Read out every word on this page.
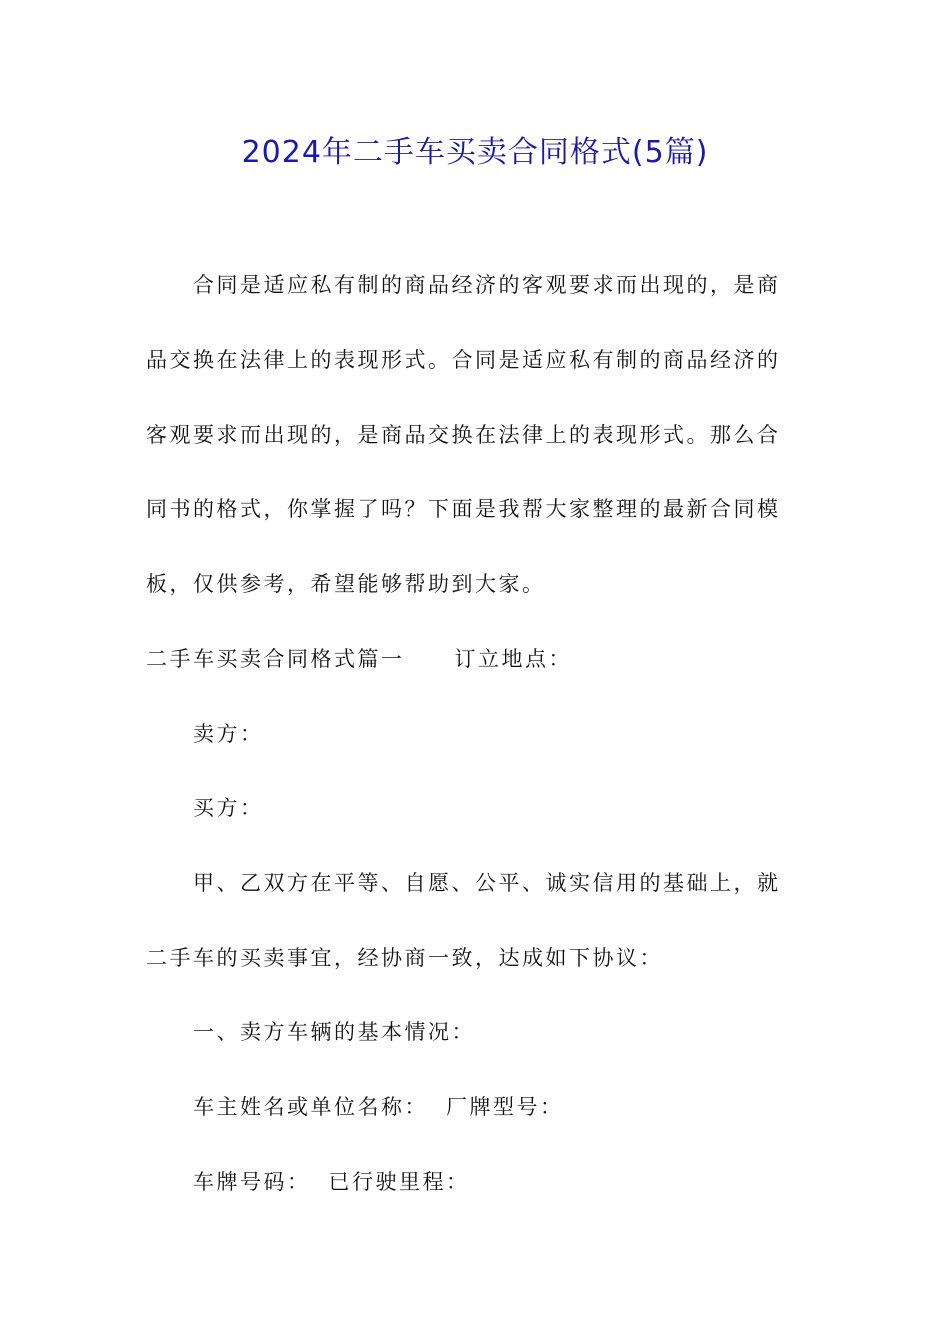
2024年二手车买卖合同格式(5篇)
合同是适应私有制的商品经济的客观要求而出现的，是商
品交换在法律上的表现形式。合同是适应私有制的商品经济的
客观要求而出现的，是商品交换在法律上的表现形式。那么合
同书的格式，你掌握了吗？下面是我帮大家整理的最新合同模
板，仅供参考，希望能够帮助到大家。
二手车买卖合同格式篇一 订立地点：
卖方：
买方：
甲、乙双方在平等、自愿、公平、诚实信用的基础上，就
二手车的买卖事宜，经协商一致，达成如下协议：
一、卖方车辆的基本情况：
车主姓名或单位名称： 厂牌型号：
车牌号码： 已行驶里程：
